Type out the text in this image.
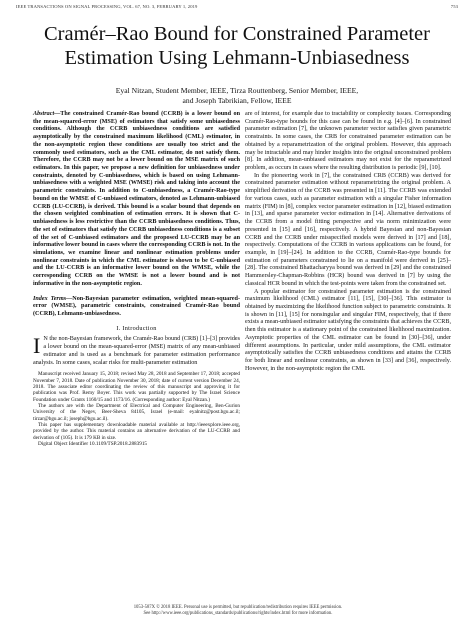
IEEE TRANSACTIONS ON SIGNAL PROCESSING, VOL. 67, NO. 3, FEBRUARY 1, 2019	753
Cramér–Rao Bound for Constrained Parameter Estimation Using Lehmann-Unbiasedness
Eyal Nitzan, Student Member, IEEE, Tirza Routtenberg, Senior Member, IEEE,
and Joseph Tabrikian, Fellow, IEEE

Abstract—The constrained Cramér-Rao bound (CCRB) is a lower bound on the mean-squared-error (MSE) of estimators that satisfy some unbiasedness conditions. Although the CCRB unbiasedness conditions are satisfied asymptotically by the constrained maximum likelihood (CML) estimator, in the non-asymptotic region these conditions are usually too strict and the commonly used estimators, such as the CML estimator, do not satisfy them. Therefore, the CCRB may not be a lower bound on the MSE matrix of such estimators. In this paper, we propose a new definition for unbiasedness under constraints, denoted by C-unbiasedness, which is based on using Lehmann-unbiasedness with a weighted MSE (WMSE) risk and taking into account the parametric constraints. In addition to C-unbiasedness, a Cramér-Rao-type bound on the WMSE of C-unbiased estimators, denoted as Lehmann-unbiased CCRB (LU-CCRB), is derived. This bound is a scalar bound that depends on the chosen weighted combination of estimation errors. It is shown that C-unbiasedness is less restrictive than the CCRB unbiasedness conditions. Thus, the set of estimators that satisfy the CCRB unbiasedness conditions is a subset of the set of C-unbiased estimators and the proposed LU-CCRB may be an informative lower bound in cases where the corresponding CCRB is not. In the simulations, we examine linear and nonlinear estimation problems under nonlinear constraints in which the CML estimator is shown to be C-unbiased and the LU-CCRB is an informative lower bound on the WMSE, while the corresponding CCRB on the WMSE is not a lower bound and is not informative in the non-asymptotic region.

Index Terms—Non-Bayesian parameter estimation, weighted mean-squared-error (WMSE), parametric constraints, constrained Cramér-Rao bound (CCRB), Lehmann-unbiasedness.

I. Introduction

I N the non-Bayesian framework, the Cramér-Rao bound (CRB) [1]–[3] provides a lower bound on the mean-squared-error (MSE) matrix of any mean-unbiased estimator and is used as a benchmark for parameter estimation performance analysis. In some cases, scalar risks for multi-parameter estimation

Manuscript received January 15, 2018; revised May 28, 2018 and September 17, 2018; accepted November 7, 2018. Date of publication November 30, 2018; date of current version December 24, 2018. The associate editor coordinating the review of this manuscript and approving it for publication was Prof. Remy Boyer. This work was partially supported by The Israel Science Foundation under Grants 1160/15 and 1173/16. (Corresponding author: Eyal Nitzan.)

The authors are with the Department of Electrical and Computer Engineering, Ben-Gurion University of the Negev, Beer-Sheva 84105, Israel (e-mail: eyalnitz@post.bgu.ac.il; tirzar@bgu.ac.il; joseph@bgu.ac.il).

This paper has supplementary downloadable material available at http://ieeexplore.ieee.org, provided by the author. This material contains an alternative derivation of the LU-CCRB and derivation of (105). It is 179 KB in size.

Digital Object Identifier 10.1109/TSP.2018.2883915

are of interest, for example due to tractability or complexity issues. Corresponding Cramér-Rao-type bounds for this case can be found in e.g. [4]–[6]. In constrained parameter estimation [7], the unknown parameter vector satisfies given parametric constraints. In some cases, the CRB for constrained parameter estimation can be obtained by a reparametrization of the original problem. However, this approach may be intractable and may hinder insights into the original unconstrained problem [8]. In addition, mean-unbiased estimators may not exist for the reparametrized problem, as occurs in cases where the resulting distribution is periodic [9], [10].

In the pioneering work in [7], the constrained CRB (CCRB) was derived for constrained parameter estimation without reparametrizing the original problem. A simplified derivation of the CCRB was presented in [11]. The CCRB was extended for various cases, such as parameter estimation with a singular Fisher information matrix (FIM) in [8], complex vector parameter estimation in [12], biased estimation in [13], and sparse parameter vector estimation in [14]. Alternative derivations of the CCRB from a model fitting perspective and via norm minimization were presented in [15] and [16], respectively. A hybrid Bayesian and non-Bayesian CCRB and the CCRB under misspecified models were derived in [17] and [18], respectively. Computations of the CCRB in various applications can be found, for example, in [19]–[24]. In addition to the CCRB, Cramér-Rao-type bounds for estimation of parameters constrained to lie on a manifold were derived in [25]–[28]. The constrained Bhattacharyya bound was derived in [29] and the constrained Hammersley-Chapman-Robbins (HCR) bound was derived in [7] by using the classical HCR bound in which the test-points were taken from the constrained set.

A popular estimator for constrained parameter estimation is the constrained maximum likelihood (CML) estimator [11], [15], [30]–[36]. This estimator is obtained by maximizing the likelihood function subject to parametric constraints. It is shown in [11], [15] for nonsingular and singular FIM, respectively, that if there exists a mean-unbiased estimator satisfying the constraints that achieves the CCRB, then this estimator is a stationary point of the constrained likelihood maximization. Asymptotic properties of the CML estimator can be found in [30]–[36], under different assumptions. In particular, under mild assumptions, the CML estimator asymptotically satisfies the CCRB unbiasedness conditions and attains the CCRB for both linear and nonlinear constraints, as shown in [33] and [36], respectively. However, in the non-asymptotic region the CML

1053-587X © 2018 IEEE. Personal use is permitted, but republication/redistribution requires IEEE permission.
See http://www.ieee.org/publications_standards/publications/rights/index.html for more information.
